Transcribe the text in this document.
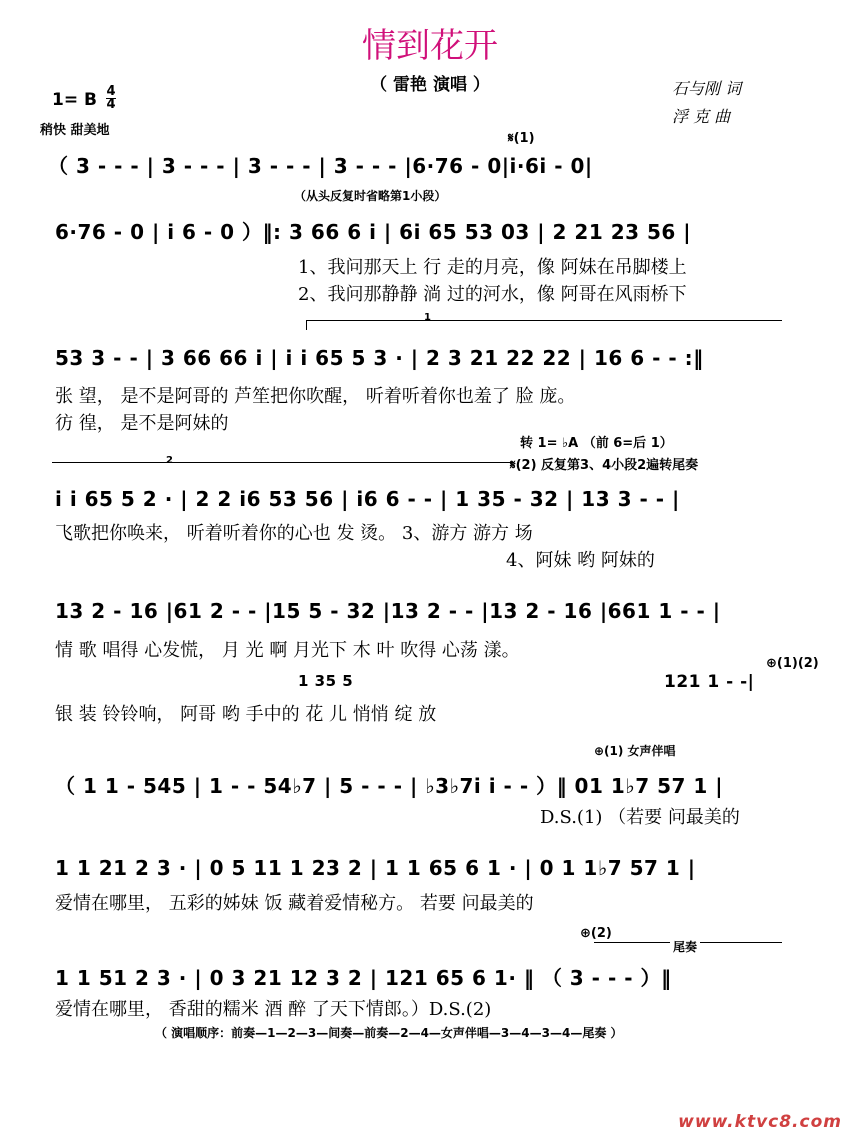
情到花开
（ 雷艳 演唱 ）	石与刚 词
浮 克 曲
1= B 4
4
稍快 甜美地
𝄋(1)
（ 3 - - - | 3 - - - | 3 - - - | 3 - - - |6·76 - 0|i·6i - 0|
（从头反复时省略第1小段）
6·76 - 0 | i 6 - 0 ）‖: 3 66 6 i | 6i 65 53 03 | 2 21 23 56 |
1、我问那天上 行 走的月亮，像 阿妹在吊脚楼上
2、我问那静静 淌 过的河水，像 阿哥在风雨桥下
1
53 3 - - | 3 66 66 i | i i 65 5 3 · | 2 3 21 22 22 | 16 6 - - :‖
张 望， 是不是阿哥的 芦笙把你吹醒， 听着听着你也羞了 脸 庞。
彷 徨， 是不是阿妹的
转 1= ♭A （前 6=后 1）
2	𝄋(2) 反复第3、4小段2遍转尾奏
i i 65 5 2 · | 2 2 i6 53 56 | i6 6 - - | 1 35 - 32 | 13 3 - - |
飞歌把你唤来， 听着听着你的心也 发 烫。 3、游方 游方 场
4、阿妹 哟 阿妹的
13 2 - 16 |61 2 - - |15 5 - 32 |13 2 - - |13 2 - 16 |661 1 - - |
情 歌 唱得 心发慌， 月 光 啊 月光下 木 叶 吹得 心荡 漾。
1 35 5	121 1 - -|
⊕(1)(2)
银 装 铃铃响， 阿哥 哟 手中的 花 儿 悄悄 绽 放
⊕(1) 女声伴唱
（ 1 1 - 545 | 1 - - 54♭7 | 5 - - - | ♭3♭7i i - - ）‖ 01 1♭7 57 1 |
D.S.(1) （若要 问最美的
1 1 21 2 3 · | 0 5 11 1 23 2 | 1 1 65 6 1 · | 0 1 1♭7 57 1 |
爱情在哪里， 五彩的姊妹 饭 藏着爱情秘方。 若要 问最美的
⊕(2)
尾奏
1 1 51 2 3 · | 0 3 21 12 3 2 | 121 65 6 1· ‖ （ 3 - - - ）‖
爱情在哪里， 香甜的糯米 酒 醉 了天下情郎。）D.S.(2)
（ 演唱顺序：前奏—1—2—3—间奏—前奏—2—4—女声伴唱—3—4—3—4—尾奏 ）
www.ktvc8.com
